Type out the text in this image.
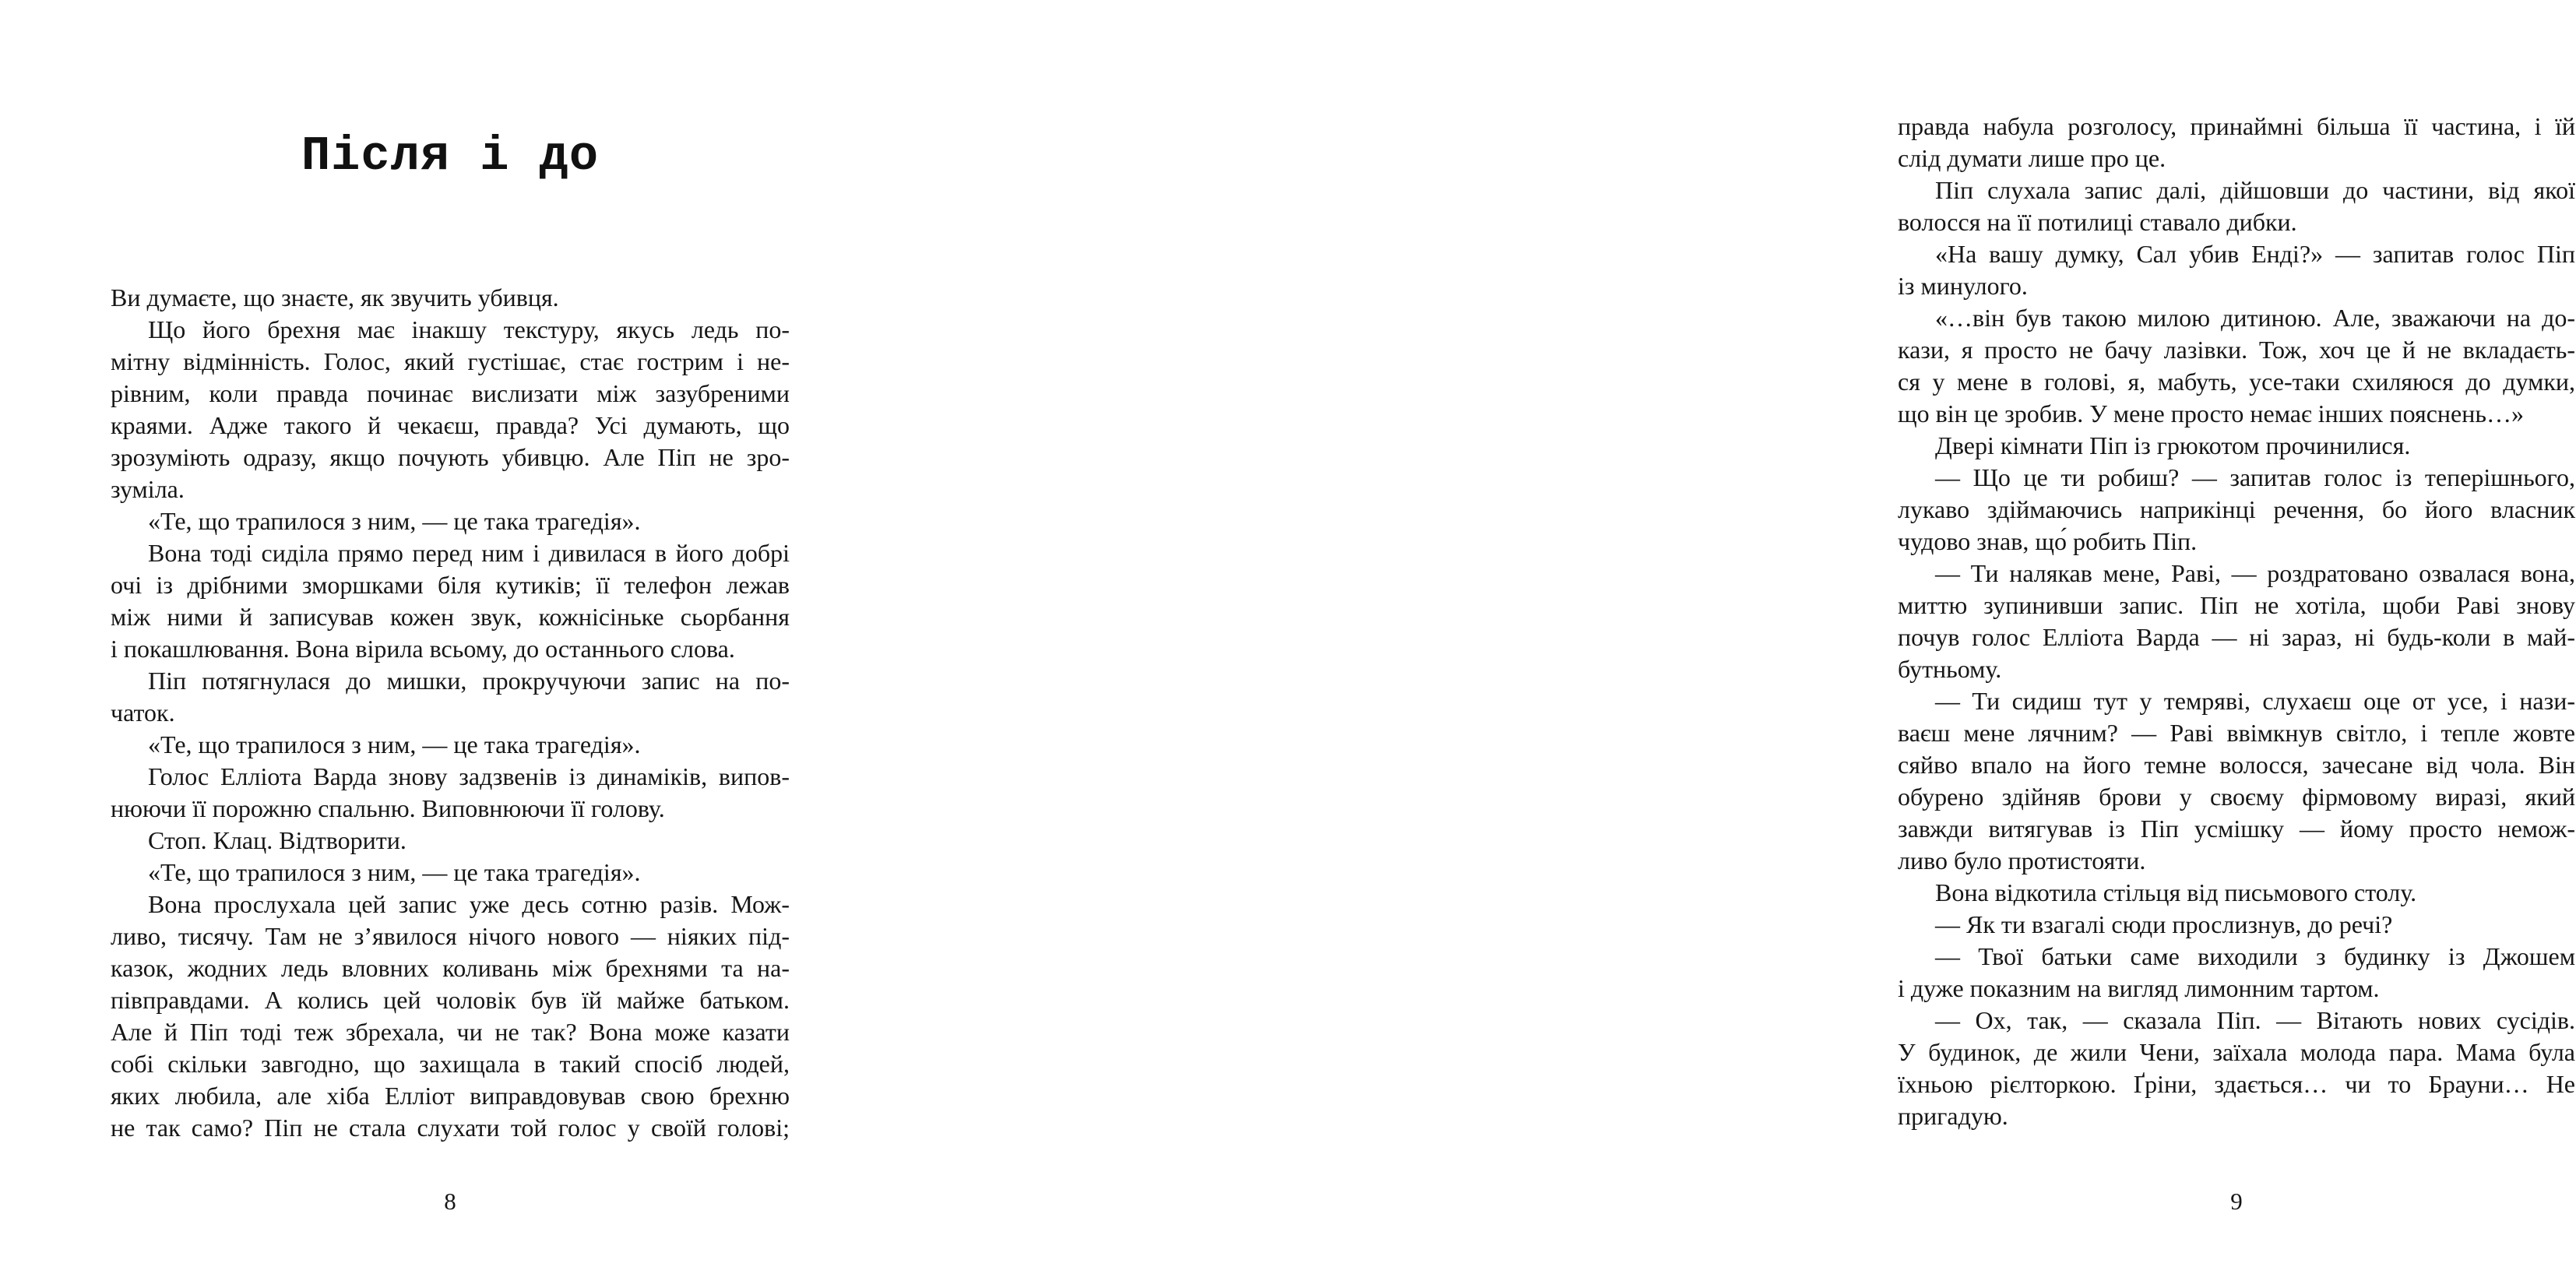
Після і до
Ви думаєте, що знаєте, як звучить убивця.
Що його брехня має інакшу текстуру, якусь ледь по-
мітну відмінність. Голос, який густішає, стає гострим і не-
рівним, коли правда починає вислизати між зазубреними
краями. Адже такого й чекаєш, правда? Усі думають, що
зрозуміють одразу, якщо почують убивцю. Але Піп не зро-
зуміла.
«Те, що трапилося з ним, — це така трагедія».
Вона тоді сиділа прямо перед ним і дивилася в його добрі
очі із дрібними зморшками біля кутиків; її телефон лежав
між ними й записував кожен звук, кожнісіньке сьорбання
і покашлювання. Вона вірила всьому, до останнього слова.
Піп потягнулася до мишки, прокручуючи запис на по-
чаток.
«Те, що трапилося з ним, — це така трагедія».
Голос Елліота Варда знову задзвенів із динаміків, випов-
нюючи її порожню спальню. Виповнюючи її голову.
Стоп. Клац. Відтворити.
«Те, що трапилося з ним, — це така трагедія».
Вона прослухала цей запис уже десь сотню разів. Мож-
ливо, тисячу. Там не з’явилося нічого нового — ніяких під-
казок, жодних ледь вловних коливань між брехнями та на-
півправдами. А колись цей чоловік був їй майже батьком.
Але й Піп тоді теж збрехала, чи не так? Вона може казати
собі скільки завгодно, що захищала в такий спосіб людей,
яких любила, але хіба Елліот виправдовував свою брехню
не так само? Піп не стала слухати той голос у своїй голові;
8
правда набула розголосу, принаймні більша її частина, і їй
слід думати лише про це.
Піп слухала запис далі, дійшовши до частини, від якої
волосся на її потилиці ставало дибки.
«На вашу думку, Сал убив Енді?» — запитав голос Піп
із минулого.
«…він був такою милою дитиною. Але, зважаючи на до-
кази, я просто не бачу лазівки. Тож, хоч це й не вкладаєть-
ся у мене в голові, я, мабуть, усе-таки схиляюся до думки,
що він це зробив. У мене просто немає інших пояснень…»
Двері кімнати Піп із грюкотом прочинилися.
— Що це ти робиш? — запитав голос із теперішнього,
лукаво здіймаючись наприкінці речення, бо його власник
чудово знав, що́ робить Піп.
— Ти налякав мене, Раві, — роздратовано озвалася вона,
миттю зупинивши запис. Піп не хотіла, щоби Раві знову
почув голос Елліота Варда — ні зараз, ні будь-коли в май-
бутньому.
— Ти сидиш тут у темряві, слухаєш оце от усе, і нази-
ваєш мене лячним? — Раві ввімкнув світло, і тепле жовте
сяйво впало на його темне волосся, зачесане від чола. Він
обурено здійняв брови у своєму фірмовому виразі, який
завжди витягував із Піп усмішку — йому просто немож-
ливо було протистояти.
Вона відкотила стільця від письмового столу.
— Як ти взагалі сюди прослизнув, до речі?
— Твої батьки саме виходили з будинку із Джошем
і дуже показним на вигляд лимонним тартом.
— Ох, так, — сказала Піп. — Вітають нових сусідів.
У будинок, де жили Чени, заїхала молода пара. Мама була
їхньою рієлторкою. Ґріни, здається… чи то Брауни… Не
пригадую.
9
